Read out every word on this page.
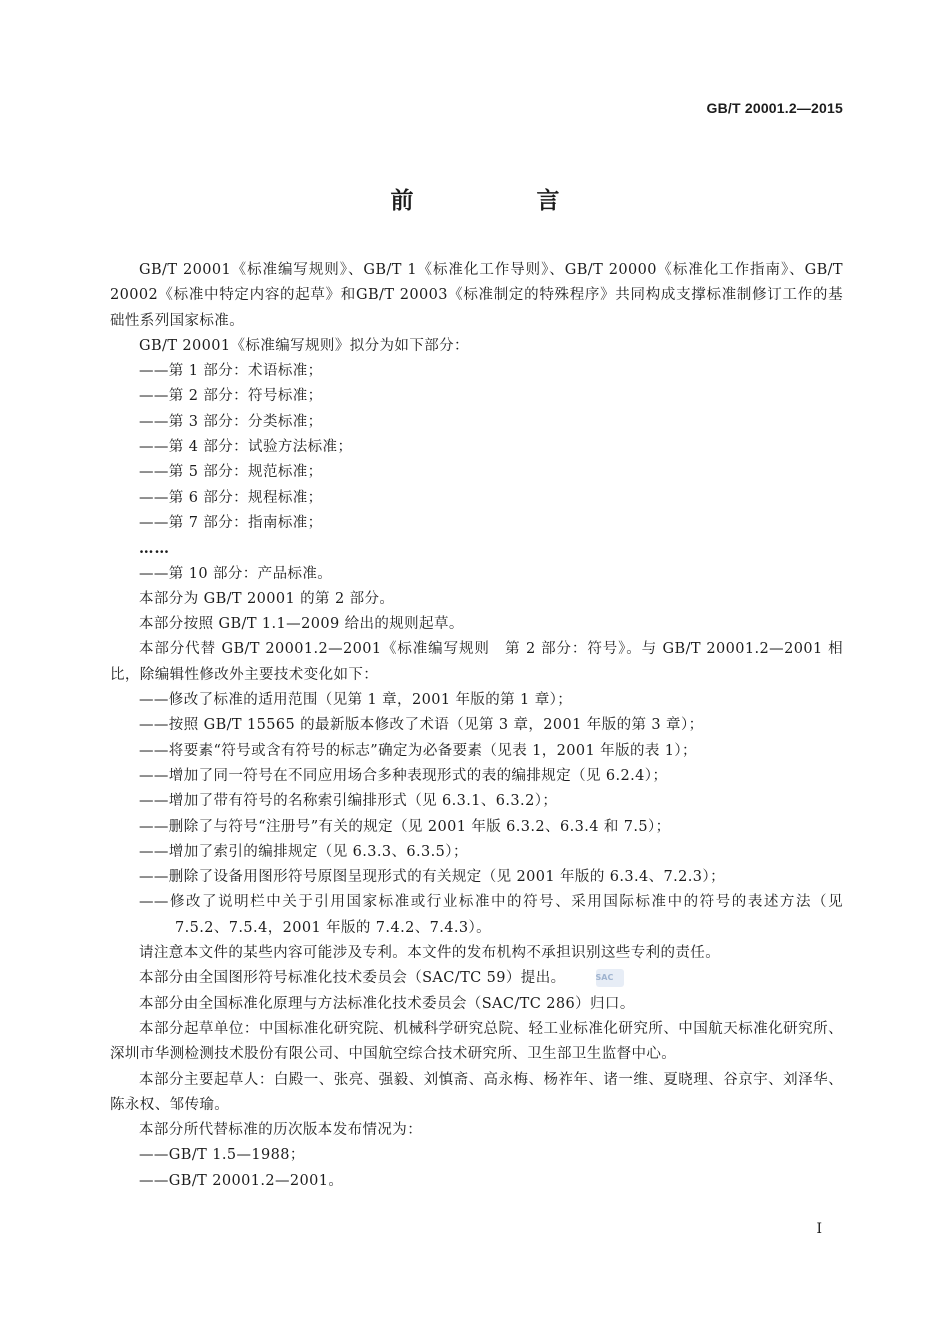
GB/T 20001.2—2015
前　言
GB/T 20001《标准编写规则》、GB/T 1《标准化工作导则》、GB/T 20000《标准化工作指南》、GB/T 20002《标准中特定内容的起草》和GB/T 20003《标准制定的特殊程序》共同构成支撑标准制修订工作的基础性系列国家标准。
GB/T 20001《标准编写规则》拟分为如下部分：
——第 1 部分：术语标准；
——第 2 部分：符号标准；
——第 3 部分：分类标准；
——第 4 部分：试验方法标准；
——第 5 部分：规范标准；
——第 6 部分：规程标准；
——第 7 部分：指南标准；
……
——第 10 部分：产品标准。
本部分为 GB/T 20001 的第 2 部分。
本部分按照 GB/T 1.1—2009 给出的规则起草。
本部分代替 GB/T 20001.2—2001《标准编写规则　第 2 部分：符号》。与 GB/T 20001.2—2001 相比，除编辑性修改外主要技术变化如下：
——修改了标准的适用范围（见第 1 章，2001 年版的第 1 章）；
——按照 GB/T 15565 的最新版本修改了术语（见第 3 章，2001 年版的第 3 章）；
——将要素“符号或含有符号的标志”确定为必备要素（见表 1，2001 年版的表 1）；
——增加了同一符号在不同应用场合多种表现形式的表的编排规定（见 6.2.4）；
——增加了带有符号的名称索引编排形式（见 6.3.1、6.3.2）；
——删除了与符号“注册号”有关的规定（见 2001 年版 6.3.2、6.3.4 和 7.5）；
——增加了索引的编排规定（见 6.3.3、6.3.5）；
——删除了设备用图形符号原图呈现形式的有关规定（见 2001 年版的 6.3.4、7.2.3）；
——修改了说明栏中关于引用国家标准或行业标准中的符号、采用国际标准中的符号的表述方法（见 7.5.2、7.5.4，2001 年版的 7.4.2、7.4.3）。
请注意本文件的某些内容可能涉及专利。本文件的发布机构不承担识别这些专利的责任。
本部分由全国图形符号标准化技术委员会（SAC/TC 59）提出。	SAC
本部分由全国标准化原理与方法标准化技术委员会（SAC/TC 286）归口。
本部分起草单位：中国标准化研究院、机械科学研究总院、轻工业标准化研究所、中国航天标准化研究所、深圳市华测检测技术股份有限公司、中国航空综合技术研究所、卫生部卫生监督中心。
本部分主要起草人：白殿一、张亮、强毅、刘慎斋、高永梅、杨祚年、诸一维、夏晓理、谷京宇、刘泽华、陈永权、邹传瑜。
本部分所代替标准的历次版本发布情况为：
——GB/T 1.5—1988；
——GB/T 20001.2—2001。
I
